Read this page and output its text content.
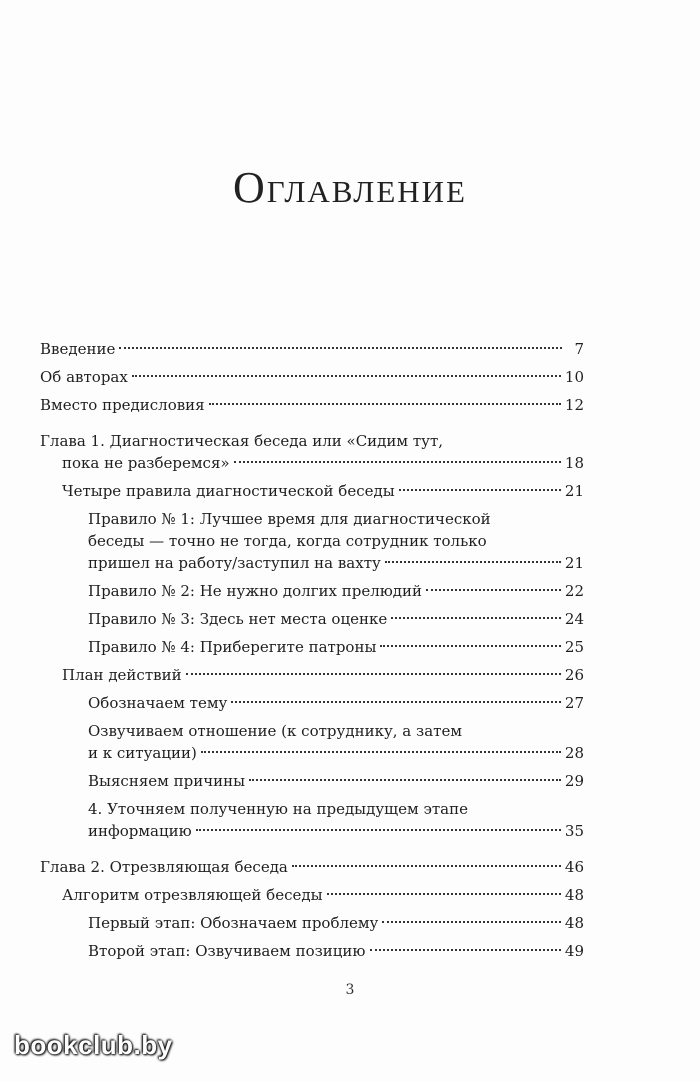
Оглавление
Введение	7
Об авторах	10
Вместо предисловия	12
Глава 1. Диагностическая беседа или «Сидим тут,
пока не разберемся»	18
Четыре правила диагностической беседы	21
Правило № 1: Лучшее время для диагностической
беседы — точно не тогда, когда сотрудник только
пришел на работу/заступил на вахту	21
Правило № 2: Не нужно долгих прелюдий	22
Правило № 3: Здесь нет места оценке	24
Правило № 4: Приберегите патроны	25
План действий	26
Обозначаем тему	27
Озвучиваем отношение (к сотруднику, а затем
и к ситуации)	28
Выясняем причины	29
4. Уточняем полученную на предыдущем этапе
информацию	35
Глава 2. Отрезвляющая беседа	46
Алгоритм отрезвляющей беседы	48
Первый этап: Обозначаем проблему	48
Второй этап: Озвучиваем позицию	49
3
bookclub.by
